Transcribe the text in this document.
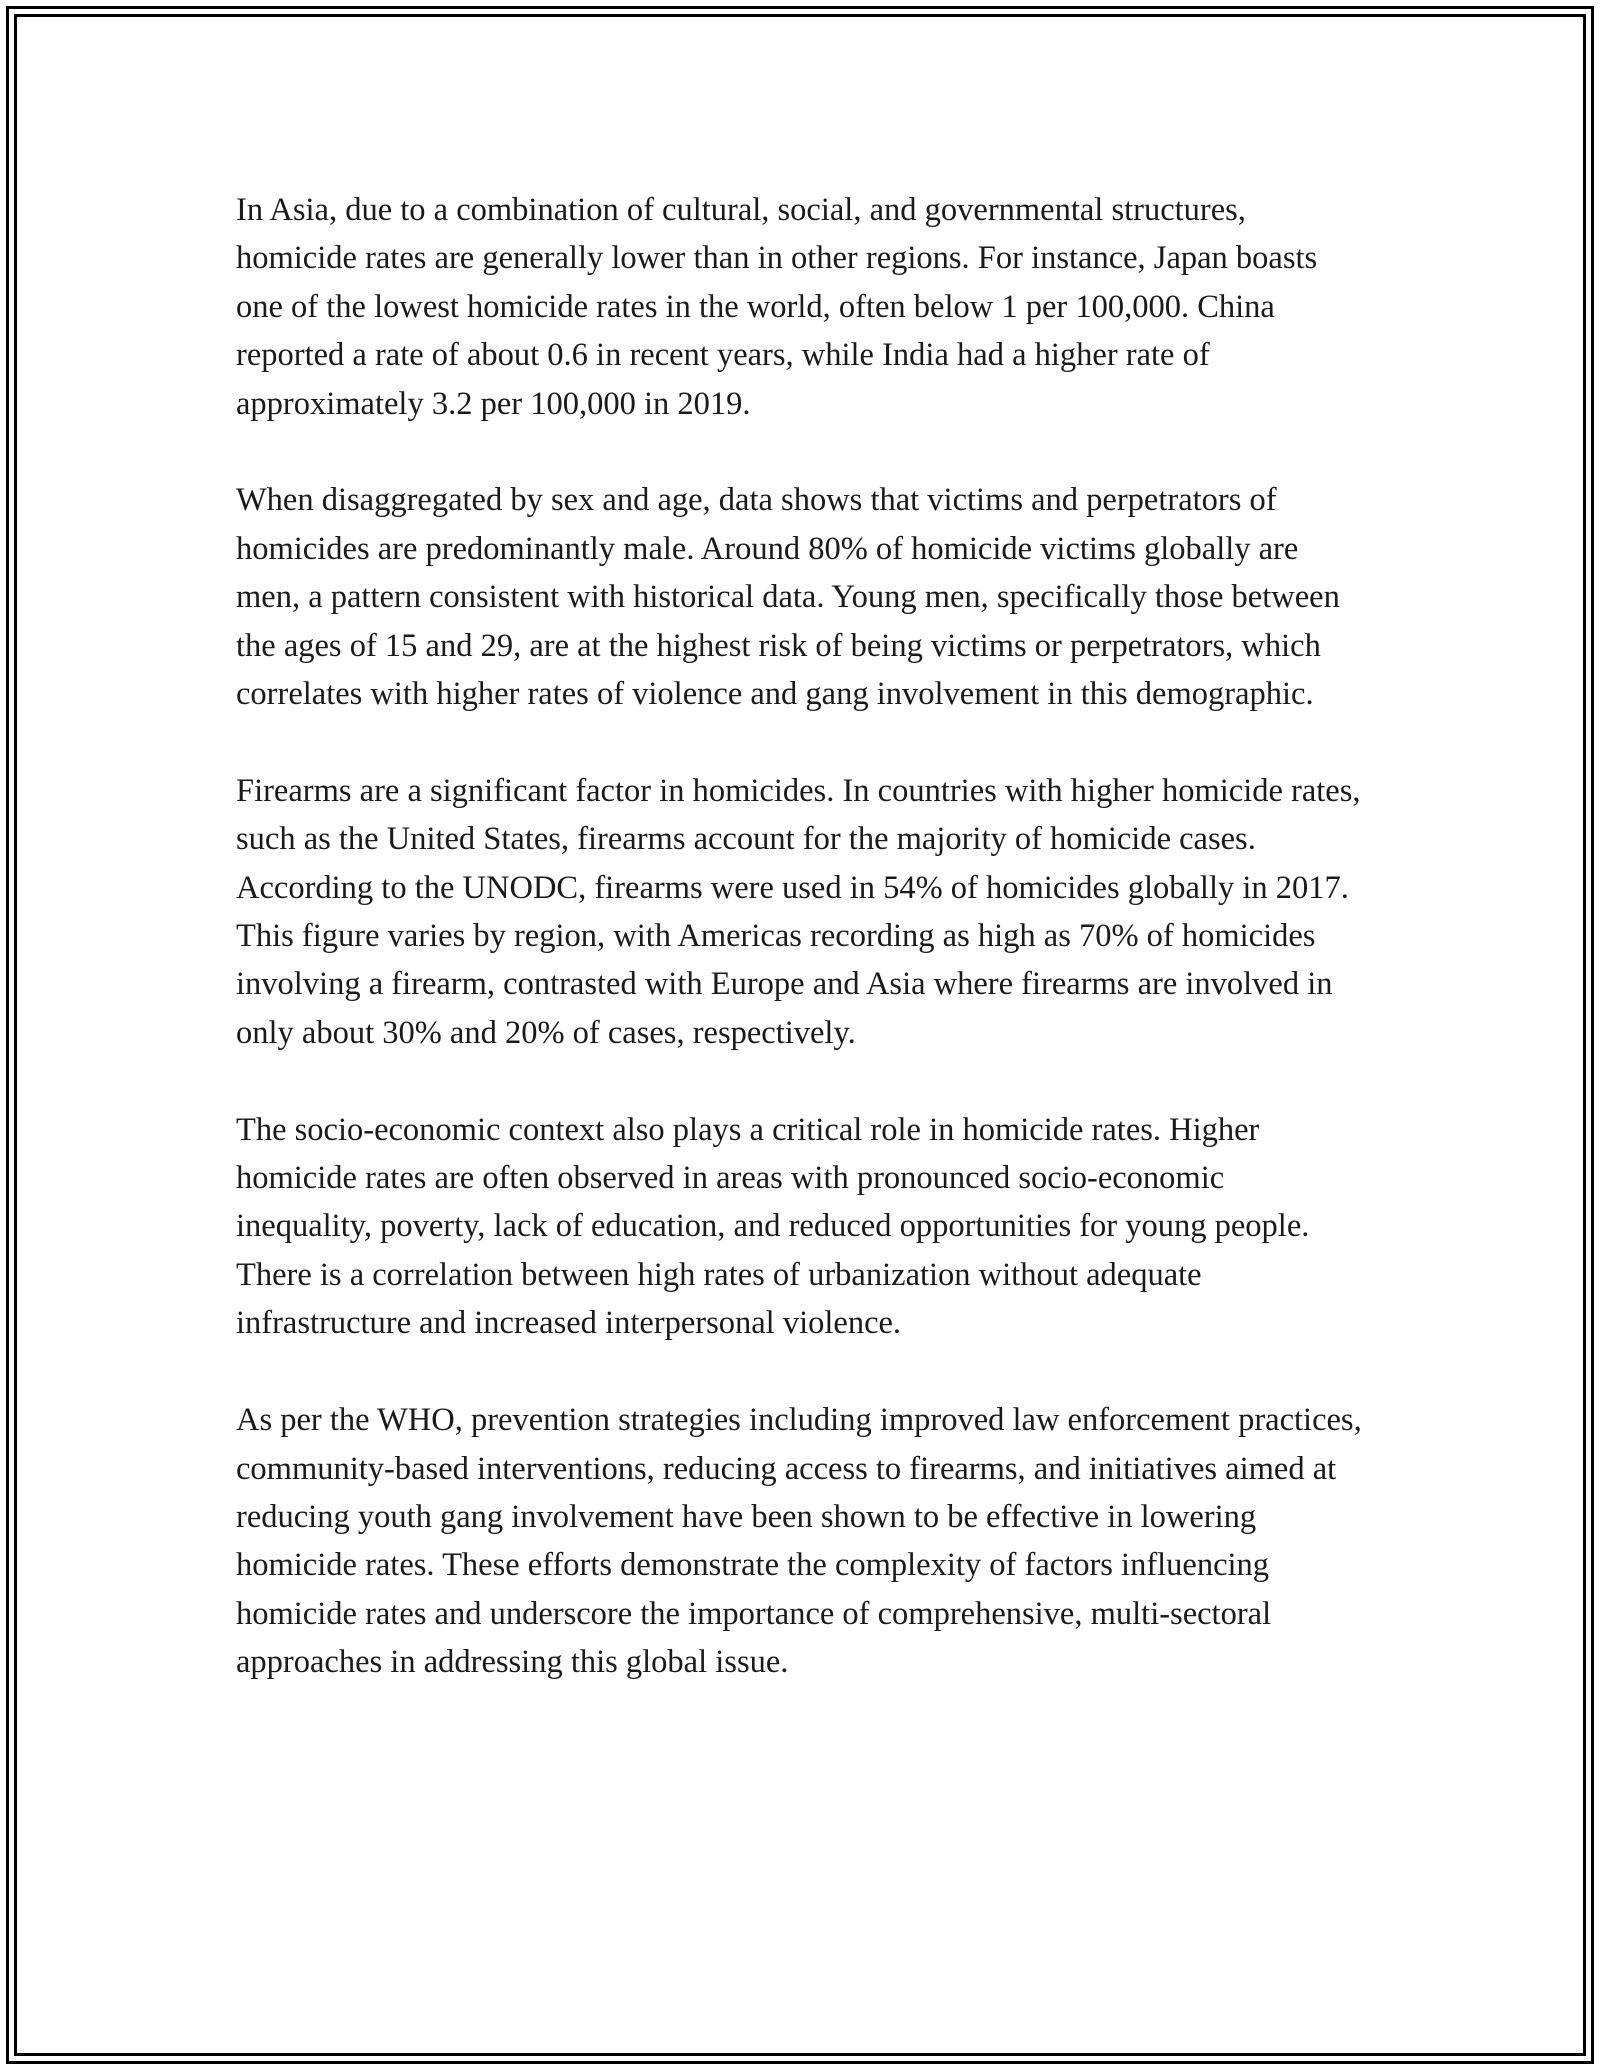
In Asia, due to a combination of cultural, social, and governmental structures, homicide rates are generally lower than in other regions. For instance, Japan boasts one of the lowest homicide rates in the world, often below 1 per 100,000. China reported a rate of about 0.6 in recent years, while India had a higher rate of approximately 3.2 per 100,000 in 2019.

When disaggregated by sex and age, data shows that victims and perpetrators of homicides are predominantly male. Around 80% of homicide victims globally are men, a pattern consistent with historical data. Young men, specifically those between the ages of 15 and 29, are at the highest risk of being victims or perpetrators, which correlates with higher rates of violence and gang involvement in this demographic.

Firearms are a significant factor in homicides. In countries with higher homicide rates, such as the United States, firearms account for the majority of homicide cases. According to the UNODC, firearms were used in 54% of homicides globally in 2017. This figure varies by region, with Americas recording as high as 70% of homicides involving a firearm, contrasted with Europe and Asia where firearms are involved in only about 30% and 20% of cases, respectively.

The socio-economic context also plays a critical role in homicide rates. Higher homicide rates are often observed in areas with pronounced socio-economic inequality, poverty, lack of education, and reduced opportunities for young people. There is a correlation between high rates of urbanization without adequate infrastructure and increased interpersonal violence.

As per the WHO, prevention strategies including improved law enforcement practices, community-based interventions, reducing access to firearms, and initiatives aimed at reducing youth gang involvement have been shown to be effective in lowering homicide rates. These efforts demonstrate the complexity of factors influencing homicide rates and underscore the importance of comprehensive, multi-sectoral approaches in addressing this global issue.
